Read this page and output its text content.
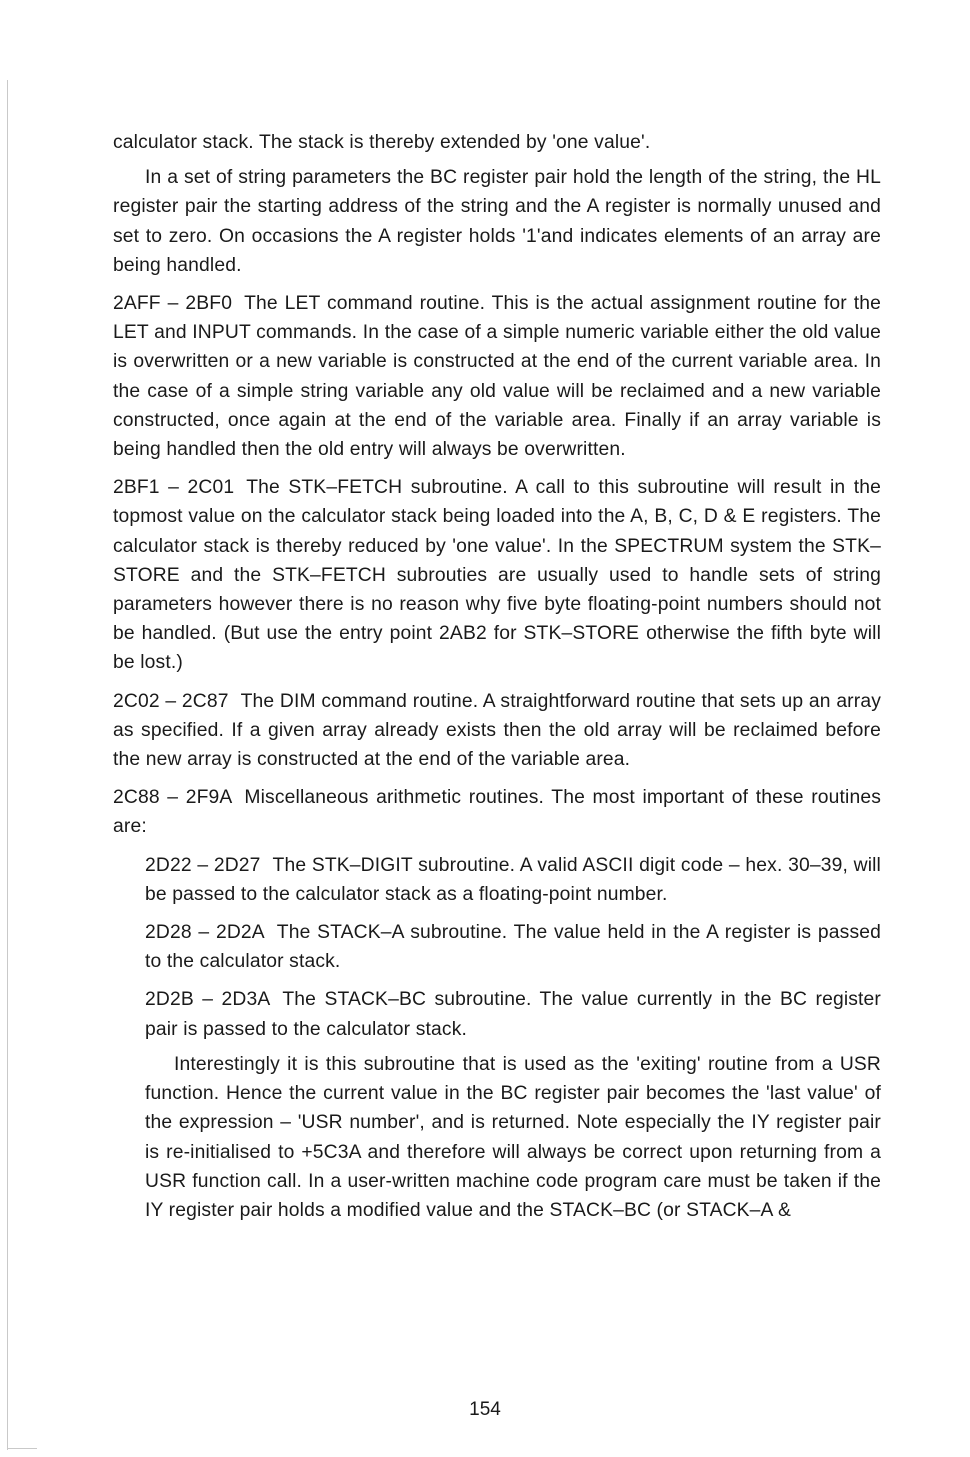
calculator stack. The stack is thereby extended by 'one value'.

In a set of string parameters the BC register pair hold the length of the string, the HL register pair the starting address of the string and the A register is normally unused and set to zero. On occasions the A register holds '1'and indicates elements of an array are being handled.

2AFF – 2BF0 The LET command routine. This is the actual assignment routine for the LET and INPUT commands. In the case of a simple numeric variable either the old value is overwritten or a new variable is constructed at the end of the current variable area. In the case of a simple string variable any old value will be reclaimed and a new variable constructed, once again at the end of the variable area. Finally if an array variable is being handled then the old entry will always be overwritten.

2BF1 – 2C01 The STK–FETCH subroutine. A call to this subroutine will result in the topmost value on the calculator stack being loaded into the A, B, C, D & E registers. The calculator stack is thereby reduced by 'one value'. In the SPECTRUM system the STK–STORE and the STK–FETCH subrouties are usually used to handle sets of string parameters however there is no reason why five byte floating-point numbers should not be handled. (But use the entry point 2AB2 for STK–STORE otherwise the fifth byte will be lost.)

2C02 – 2C87 The DIM command routine. A straightforward routine that sets up an array as specified. If a given array already exists then the old array will be reclaimed before the new array is constructed at the end of the variable area.

2C88 – 2F9A Miscellaneous arithmetic routines. The most important of these routines are:

2D22 – 2D27 The STK–DIGIT subroutine. A valid ASCII digit code – hex. 30–39, will be passed to the calculator stack as a floating-point number.

2D28 – 2D2A The STACK–A subroutine. The value held in the A register is passed to the calculator stack.

2D2B – 2D3A The STACK–BC subroutine. The value currently in the BC register pair is passed to the calculator stack.

Interestingly it is this subroutine that is used as the 'exiting' routine from a USR function. Hence the current value in the BC register pair becomes the 'last value' of the expression – 'USR number', and is returned. Note especially the IY register pair is re-initialised to +5C3A and therefore will always be correct upon returning from a USR function call. In a user-written machine code program care must be taken if the IY register pair holds a modified value and the STACK–BC (or STACK–A &

154
